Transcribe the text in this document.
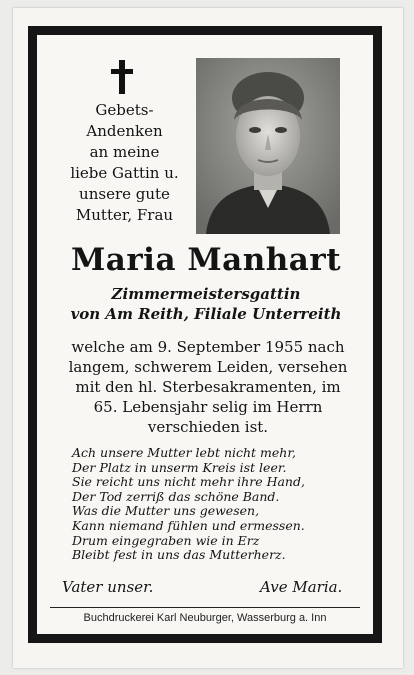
Gebets-
Andenken
an meine
liebe Gattin u.
unsere gute
Mutter, Frau
Maria Manhart
Zimmermeistersgattin
von Am Reith, Filiale Unterreith
welche am 9. September 1955 nach
langem, schwerem Leiden, versehen
mit den hl. Sterbesakramenten, im
65. Lebensjahr selig im Herrn
verschieden ist.
Ach unsere Mutter lebt nicht mehr,
Der Platz in unserm Kreis ist leer.
Sie reicht uns nicht mehr ihre Hand,
Der Tod zerriß das schöne Band.
Was die Mutter uns gewesen,
Kann niemand fühlen und ermessen.
Drum eingegraben wie in Erz
Bleibt fest in uns das Mutterherz.
Vater unser.	Ave Maria.
Buchdruckerei Karl Neuburger, Wasserburg a. Inn
